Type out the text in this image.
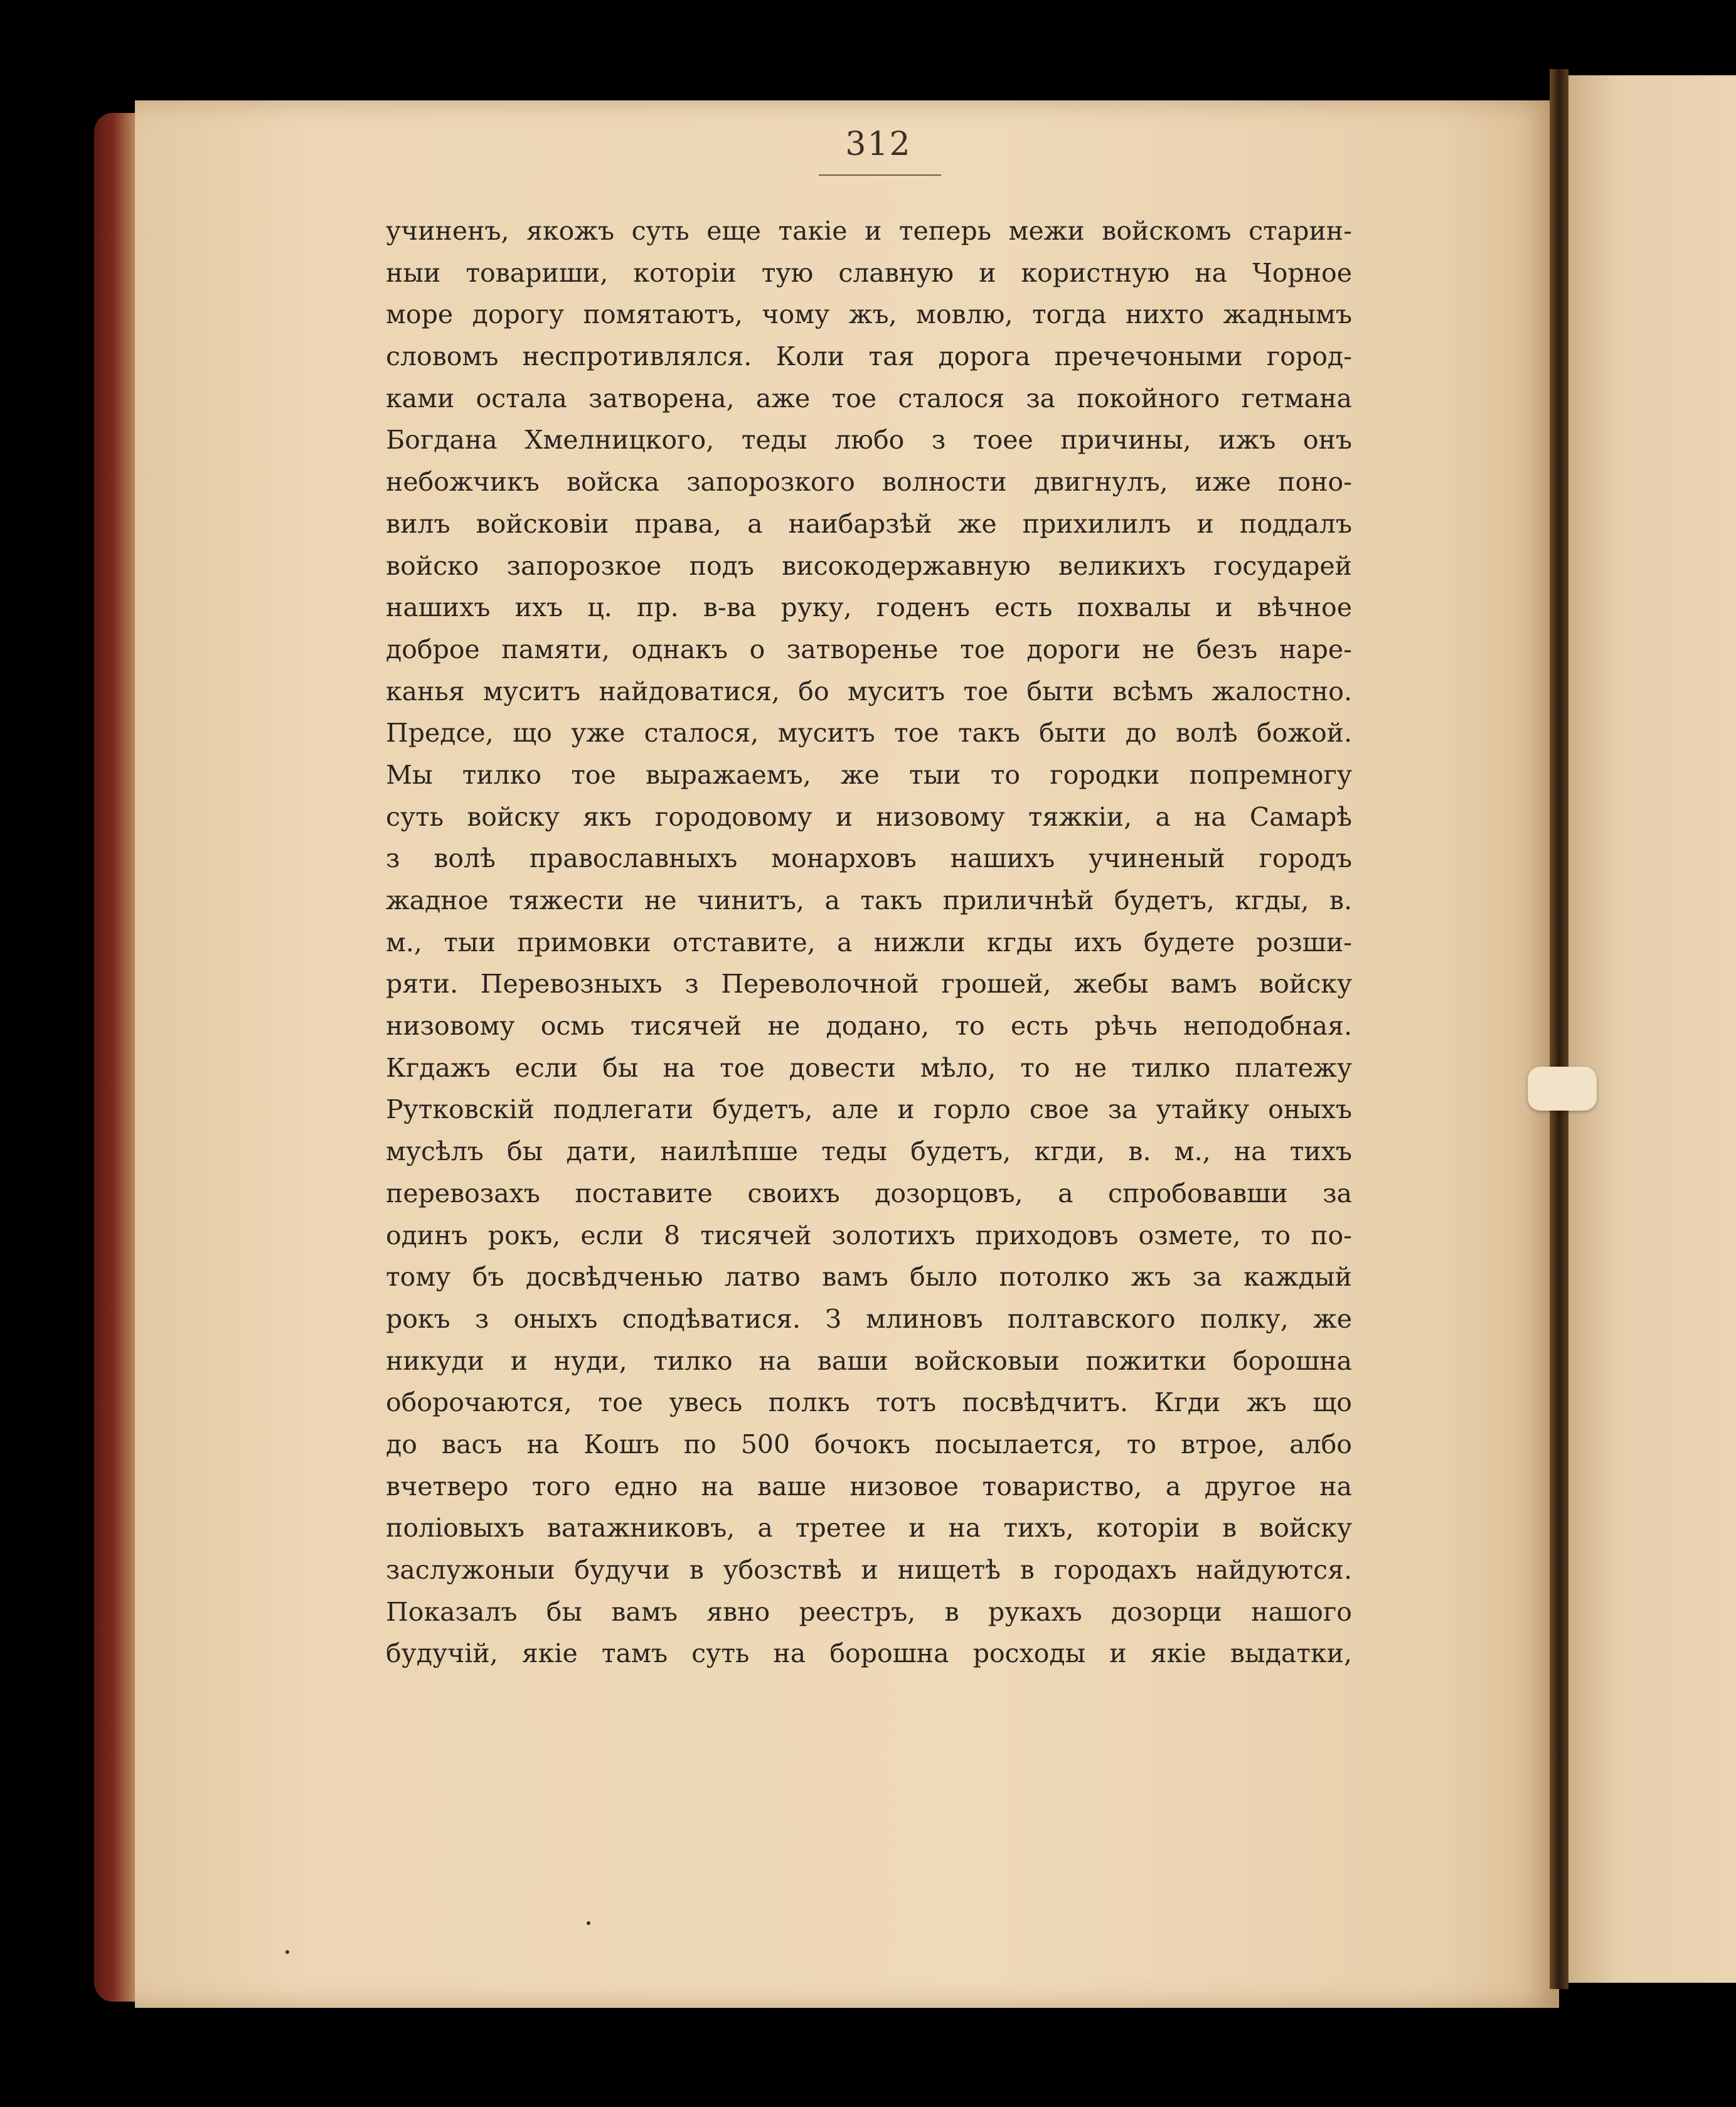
312
учиненъ, якожъ суть еще такiе и теперь межи войскомъ старин-
ныи товариши, которiи тую славную и користную на Чорное
море дорогу помятаютъ, чому жъ, мовлю, тогда нихто жаднымъ
словомъ неспротивлялся. Коли тая дорога пречечоными город-
ками остала затворена, аже тое сталося за покойного гетмана
Богдана Хмелницкого, теды любо з тоее причины, ижъ онъ
небожчикъ войска запорозкого волности двигнулъ, иже поно-
вилъ войсковiи права, а наибарзѣй же прихилилъ и поддалъ
войско запорозкое подъ високодержавную великихъ государей
нашихъ ихъ ц. пр. в-ва руку, годенъ есть похвалы и вѣчное
доброе памяти, однакъ о затворенье тое дороги не безъ нарe-
канья муситъ найдоватися, бо муситъ тое быти всѣмъ жалостно.
Предсе, що уже сталося, муситъ тое такъ быти до волѣ божой.
Мы тилко тое выражаемъ, же тыи то городки попремногу
суть войску якъ городовому и низовому тяжкiи, а на Самарѣ
з волѣ православныхъ монарховъ нашихъ учиненый городъ
жадное тяжести не чинитъ, а такъ приличнѣй будетъ, кгды, в.
м., тыи примовки отставите, а нижли кгды ихъ будете розши-
ряти. Перевозныхъ з Переволочной грошей, жебы вамъ войску
низовому осмь тисячей не додано, то есть рѣчь неподобная.
Кгдажъ если бы на тое довести мѣло, то не тилко платежу
Рутковскiй подлегати будетъ, але и горло свое за утайку оныхъ
мусѣлъ бы дати, наилѣпше теды будетъ, кгди, в. м., на тихъ
перевозахъ поставите своихъ дозорцовъ, а спробовавши за
одинъ рокъ, если 8 тисячей золотихъ приходовъ озмете, то по-
тому бъ досвѣдченью латво вамъ было потолко жъ за каждый
рокъ з оныхъ сподѣватися. З млиновъ полтавского полку, же
никуди и нуди, тилко на ваши войсковыи пожитки борошна
оборочаются, тое увесь полкъ тотъ посвѣдчитъ. Кгди жъ що
до васъ на Кошъ по 500 бочокъ посылается, то втрое, албо
вчетверо того едно на ваше низовое товариство, а другое на
полiовыхъ ватажниковъ, а третее и на тихъ, которiи в войску
заслужоныи будучи в убозствѣ и нищетѣ в городахъ найдуются.
Показалъ бы вамъ явно реестръ, в рукахъ дозорци нашого
будучiй, якiе тамъ суть на борошна росходы и якiе выдатки,
